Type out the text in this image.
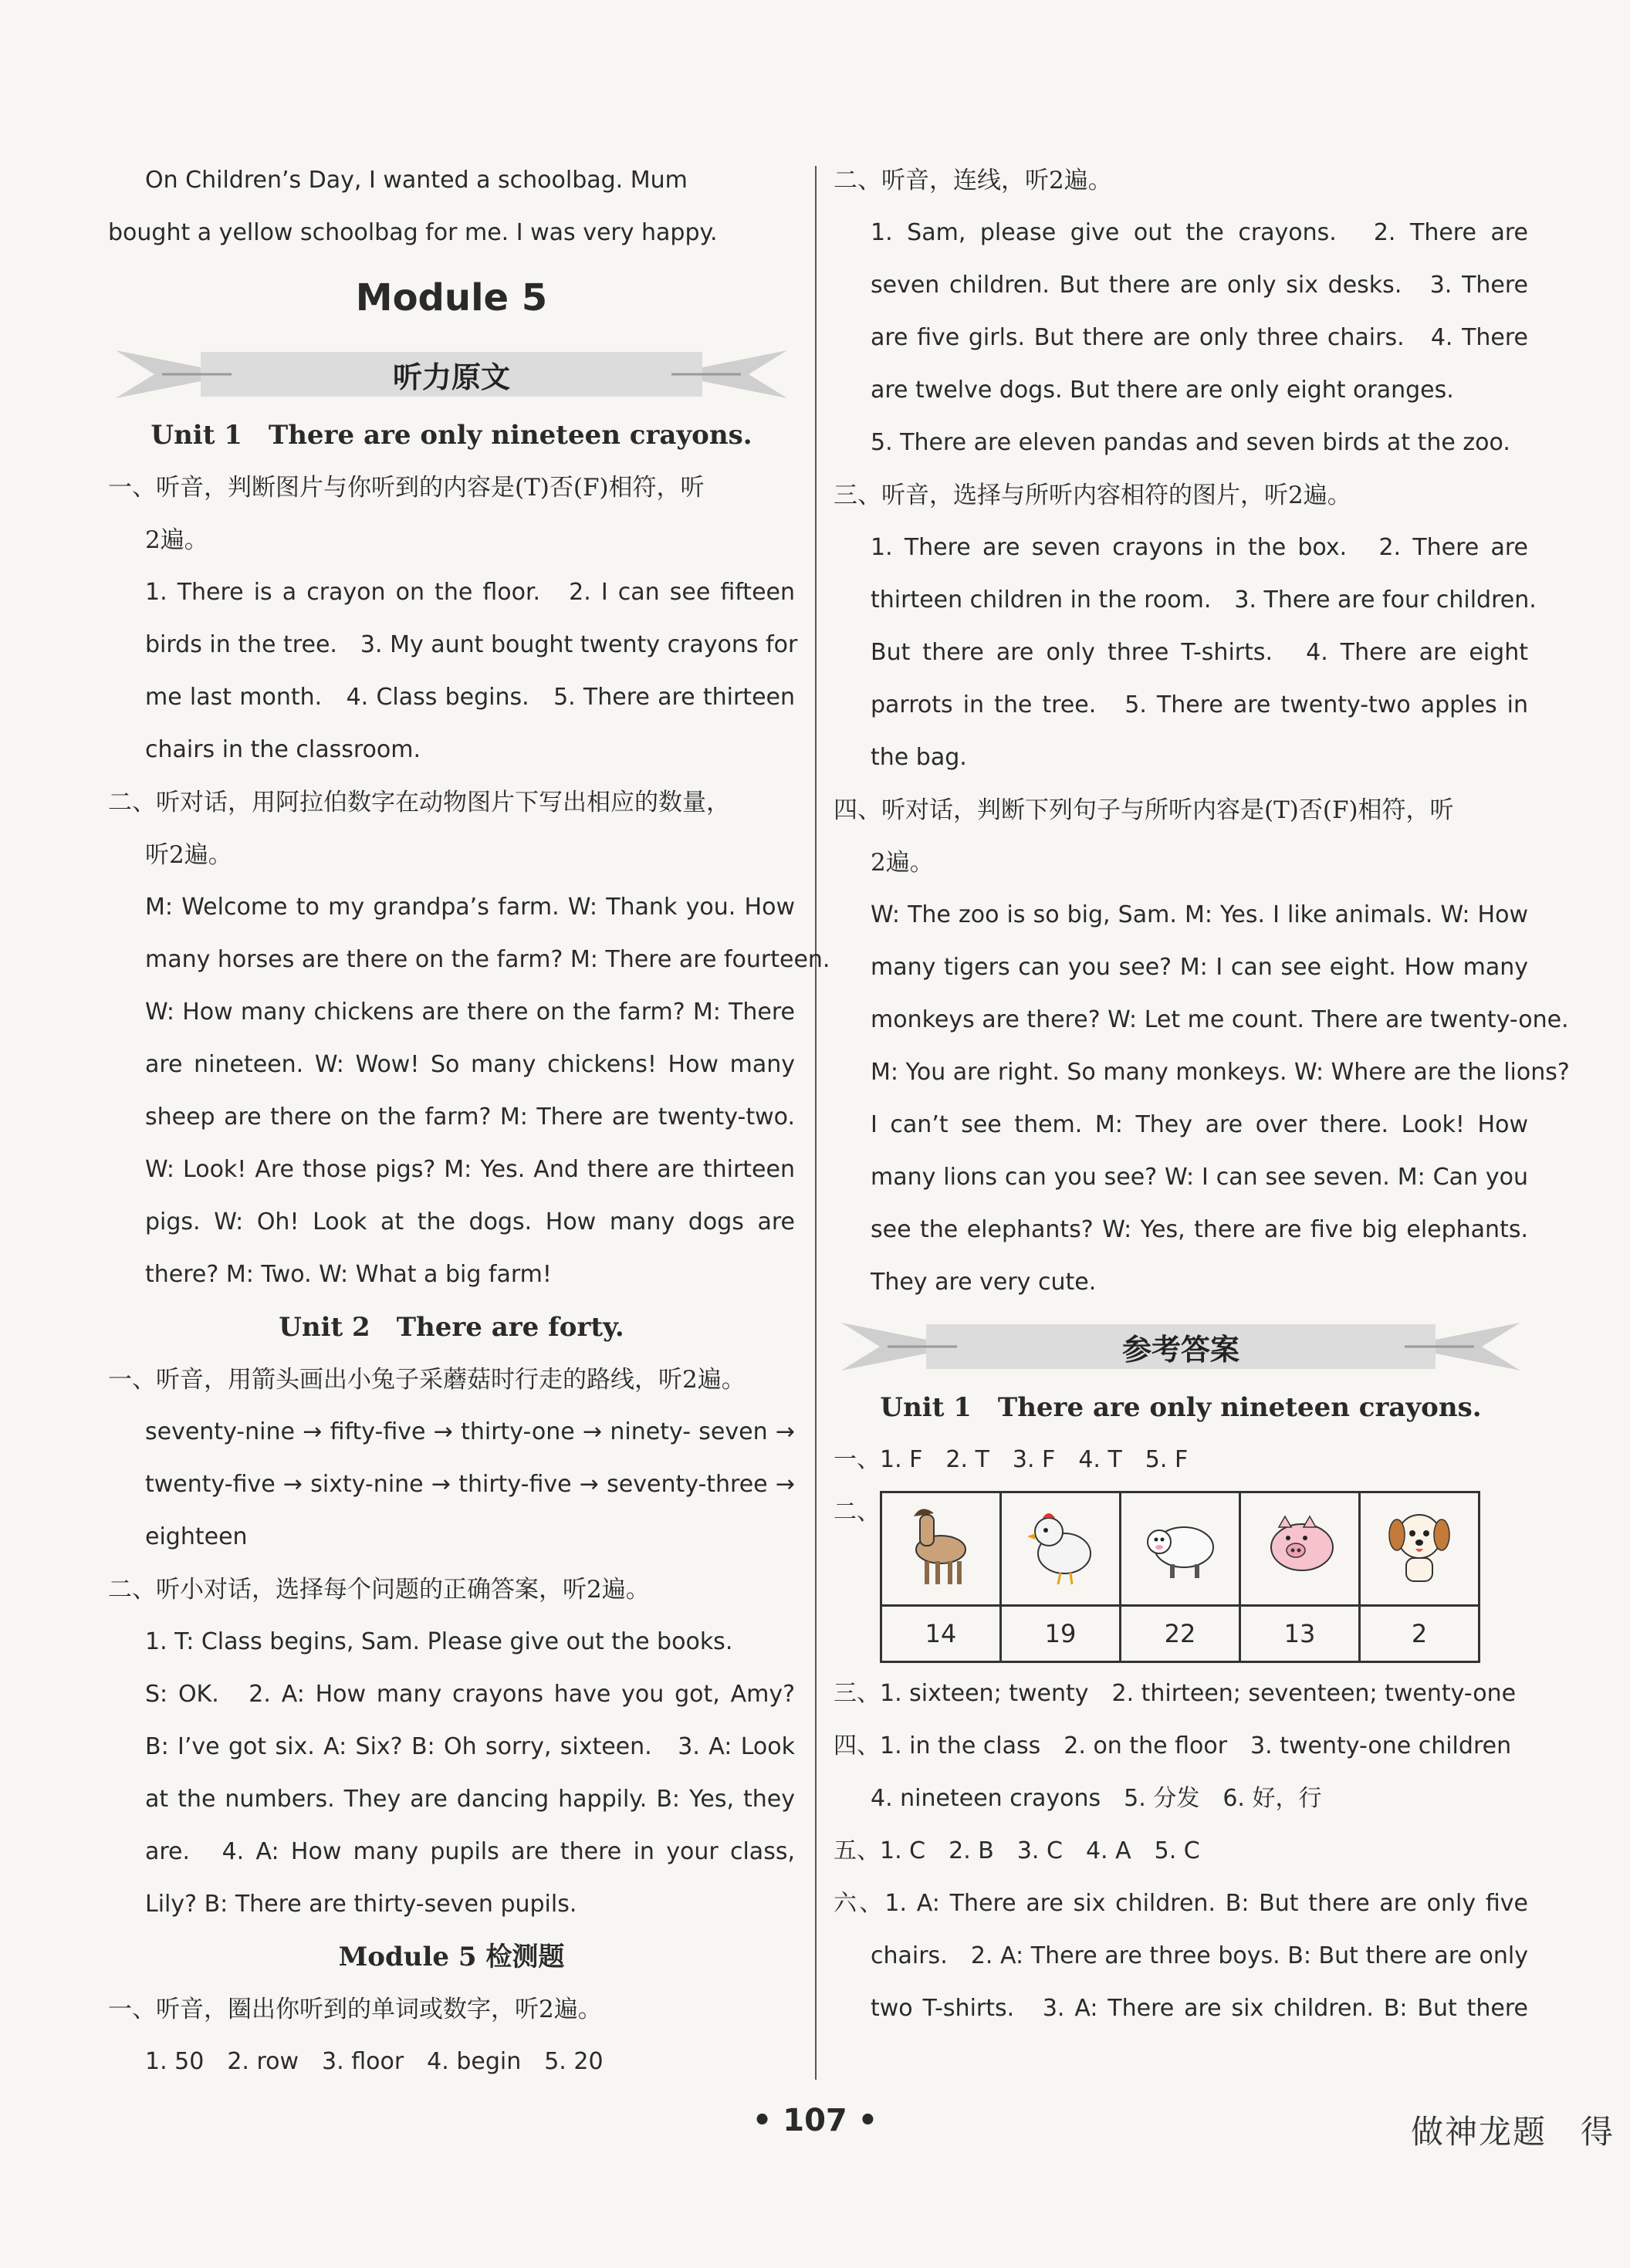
On Children’s Day, I wanted a schoolbag. Mum

bought a yellow schoolbag for me. I was very happy.

Module 5

听力原文

Unit 1　There are only nineteen crayons.

一、听音，判断图片与你听到的内容是(T)否(F)相符，听

2遍。

1. There is a crayon on the floor.　2. I can see fifteen

birds in the tree.　3. My aunt bought twenty crayons for

me last month.　4. Class begins.　5. There are thirteen

chairs in the classroom.

二、听对话，用阿拉伯数字在动物图片下写出相应的数量，

听2遍。

M: Welcome to my grandpa’s farm. W: Thank you. How

many horses are there on the farm? M: There are fourteen.

W: How many chickens are there on the farm? M: There

are nineteen. W: Wow! So many chickens! How many

sheep are there on the farm? M: There are twenty-two.

W: Look! Are those pigs? M: Yes. And there are thirteen

pigs. W: Oh! Look at the dogs. How many dogs are

there? M: Two. W: What a big farm!

Unit 2　There are forty.

一、听音，用箭头画出小兔子采蘑菇时行走的路线，听2遍。

seventy-nine → fifty-five → thirty-one → ninety- seven →

twenty-five → sixty-nine → thirty-five → seventy-three →

eighteen

二、听小对话，选择每个问题的正确答案，听2遍。

1. T: Class begins, Sam. Please give out the books.

S: OK.　2. A: How many crayons have you got, Amy?

B: I’ve got six. A: Six? B: Oh sorry, sixteen.　3. A: Look

at the numbers. They are dancing happily. B: Yes, they

are.　4. A: How many pupils are there in your class,

Lily? B: There are thirty-seven pupils.

Module 5 检测题

一、听音，圈出你听到的单词或数字，听2遍。

1. 50　2. row　3. floor　4. begin　5. 20

二、听音，连线，听2遍。

1. Sam, please give out the crayons.　2. There are

seven children. But there are only six desks.　3. There

are five girls. But there are only three chairs.　4. There

are twelve dogs. But there are only eight oranges.

5. There are eleven pandas and seven birds at the zoo.

三、听音，选择与所听内容相符的图片，听2遍。

1. There are seven crayons in the box.　2. There are

thirteen children in the room.　3. There are four children.

But there are only three T-shirts.　4. There are eight

parrots in the tree.　5. There are twenty-two apples in

the bag.

四、听对话，判断下列句子与所听内容是(T)否(F)相符，听

2遍。

W: The zoo is so big, Sam. M: Yes. I like animals. W: How

many tigers can you see? M: I can see eight. How many

monkeys are there? W: Let me count. There are twenty-one.

M: You are right. So many monkeys. W: Where are the lions?

I can’t see them. M: They are over there. Look! How

many lions can you see? W: I can see seven. M: Can you

see the elephants? W: Yes, there are five big elephants.

They are very cute.

参考答案

Unit 1　There are only nineteen crayons.

一、1. F　2. T　3. F　4. T　5. F

二、

14	19	22	13	2

三、1. sixteen; twenty　2. thirteen; seventeen; twenty-one

四、1. in the class　2. on the floor　3. twenty-one children

4. nineteen crayons　5. 分发　6. 好，行

五、1. C　2. B　3. C　4. A　5. C

六、1. A: There are six children. B: But there are only five

chairs.　2. A: There are three boys. B: But there are only

two T-shirts.　3. A: There are six children. B: But there

• 107 •	做神龙题　得
